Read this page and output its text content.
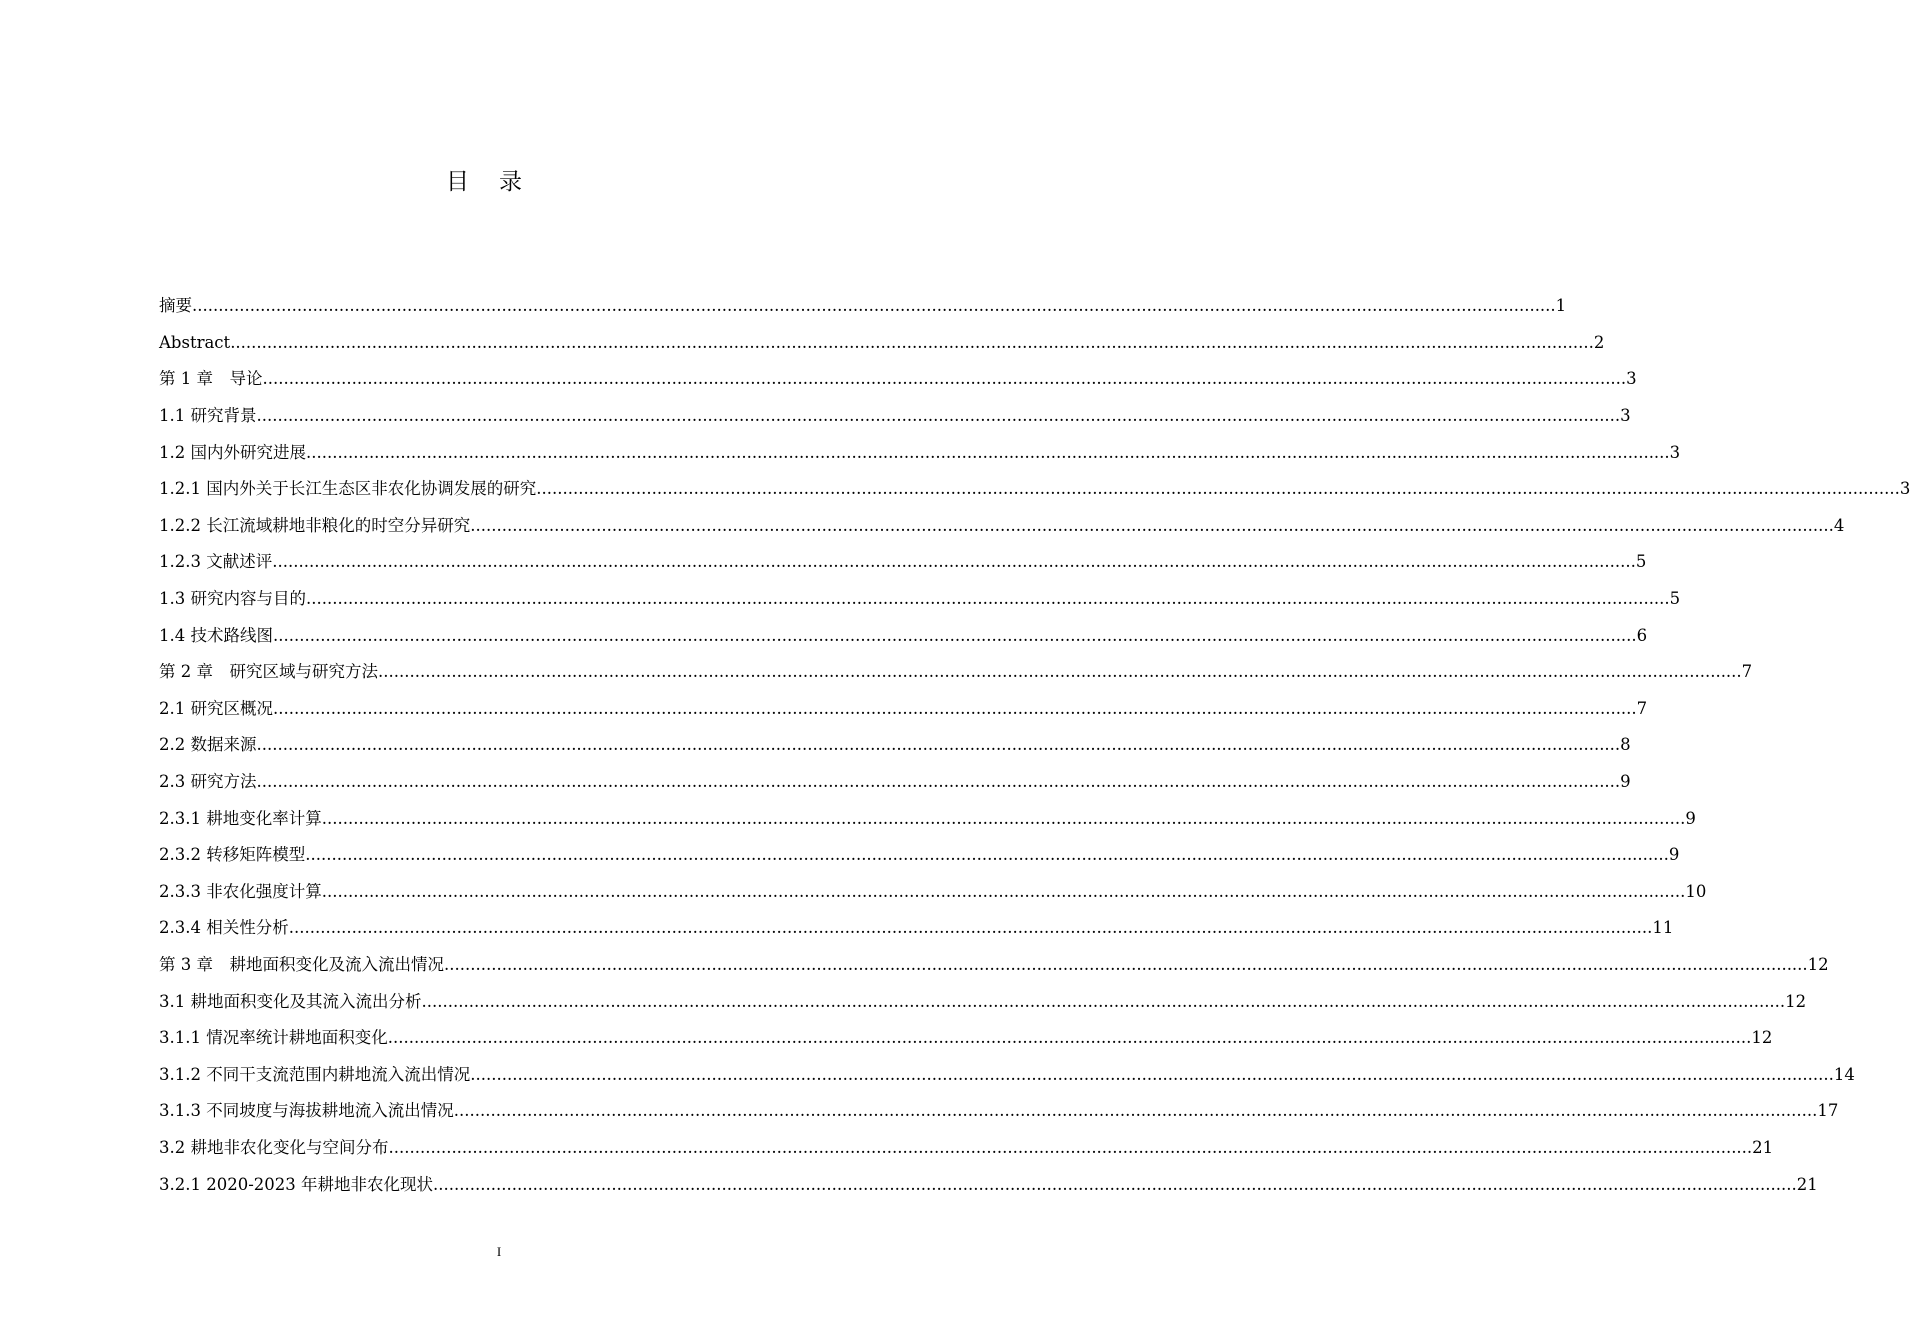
目录
摘要 .................................................................................................................................................................................................................................................................... 1
Abstract .................................................................................................................................................................................................................................................................... 2
第 1 章　导论 .................................................................................................................................................................................................................................................................... 3
1.1 研究背景 .................................................................................................................................................................................................................................................................... 3
1.2 国内外研究进展 .................................................................................................................................................................................................................................................................... 3
1.2.1 国内外关于长江生态区非农化协调发展的研究 .................................................................................................................................................................................................................................................................... 3
1.2.2 长江流域耕地非粮化的时空分异研究 .................................................................................................................................................................................................................................................................... 4
1.2.3 文献述评 .................................................................................................................................................................................................................................................................... 5
1.3 研究内容与目的 .................................................................................................................................................................................................................................................................... 5
1.4 技术路线图 .................................................................................................................................................................................................................................................................... 6
第 2 章　研究区域与研究方法 .................................................................................................................................................................................................................................................................... 7
2.1 研究区概况 .................................................................................................................................................................................................................................................................... 7
2.2 数据来源 .................................................................................................................................................................................................................................................................... 8
2.3 研究方法 .................................................................................................................................................................................................................................................................... 9
2.3.1 耕地变化率计算 .................................................................................................................................................................................................................................................................... 9
2.3.2 转移矩阵模型 .................................................................................................................................................................................................................................................................... 9
2.3.3 非农化强度计算 .................................................................................................................................................................................................................................................................... 10
2.3.4 相关性分析 .................................................................................................................................................................................................................................................................... 11
第 3 章　耕地面积变化及流入流出情况 .................................................................................................................................................................................................................................................................... 12
3.1 耕地面积变化及其流入流出分析 .................................................................................................................................................................................................................................................................... 12
3.1.1 情况率统计耕地面积变化 .................................................................................................................................................................................................................................................................... 12
3.1.2 不同干支流范围内耕地流入流出情况 .................................................................................................................................................................................................................................................................... 14
3.1.3 不同坡度与海拔耕地流入流出情况 .................................................................................................................................................................................................................................................................... 17
3.2 耕地非农化变化与空间分布 .................................................................................................................................................................................................................................................................... 21
3.2.1 2020-2023 年耕地非农化现状 .................................................................................................................................................................................................................................................................... 21
I
